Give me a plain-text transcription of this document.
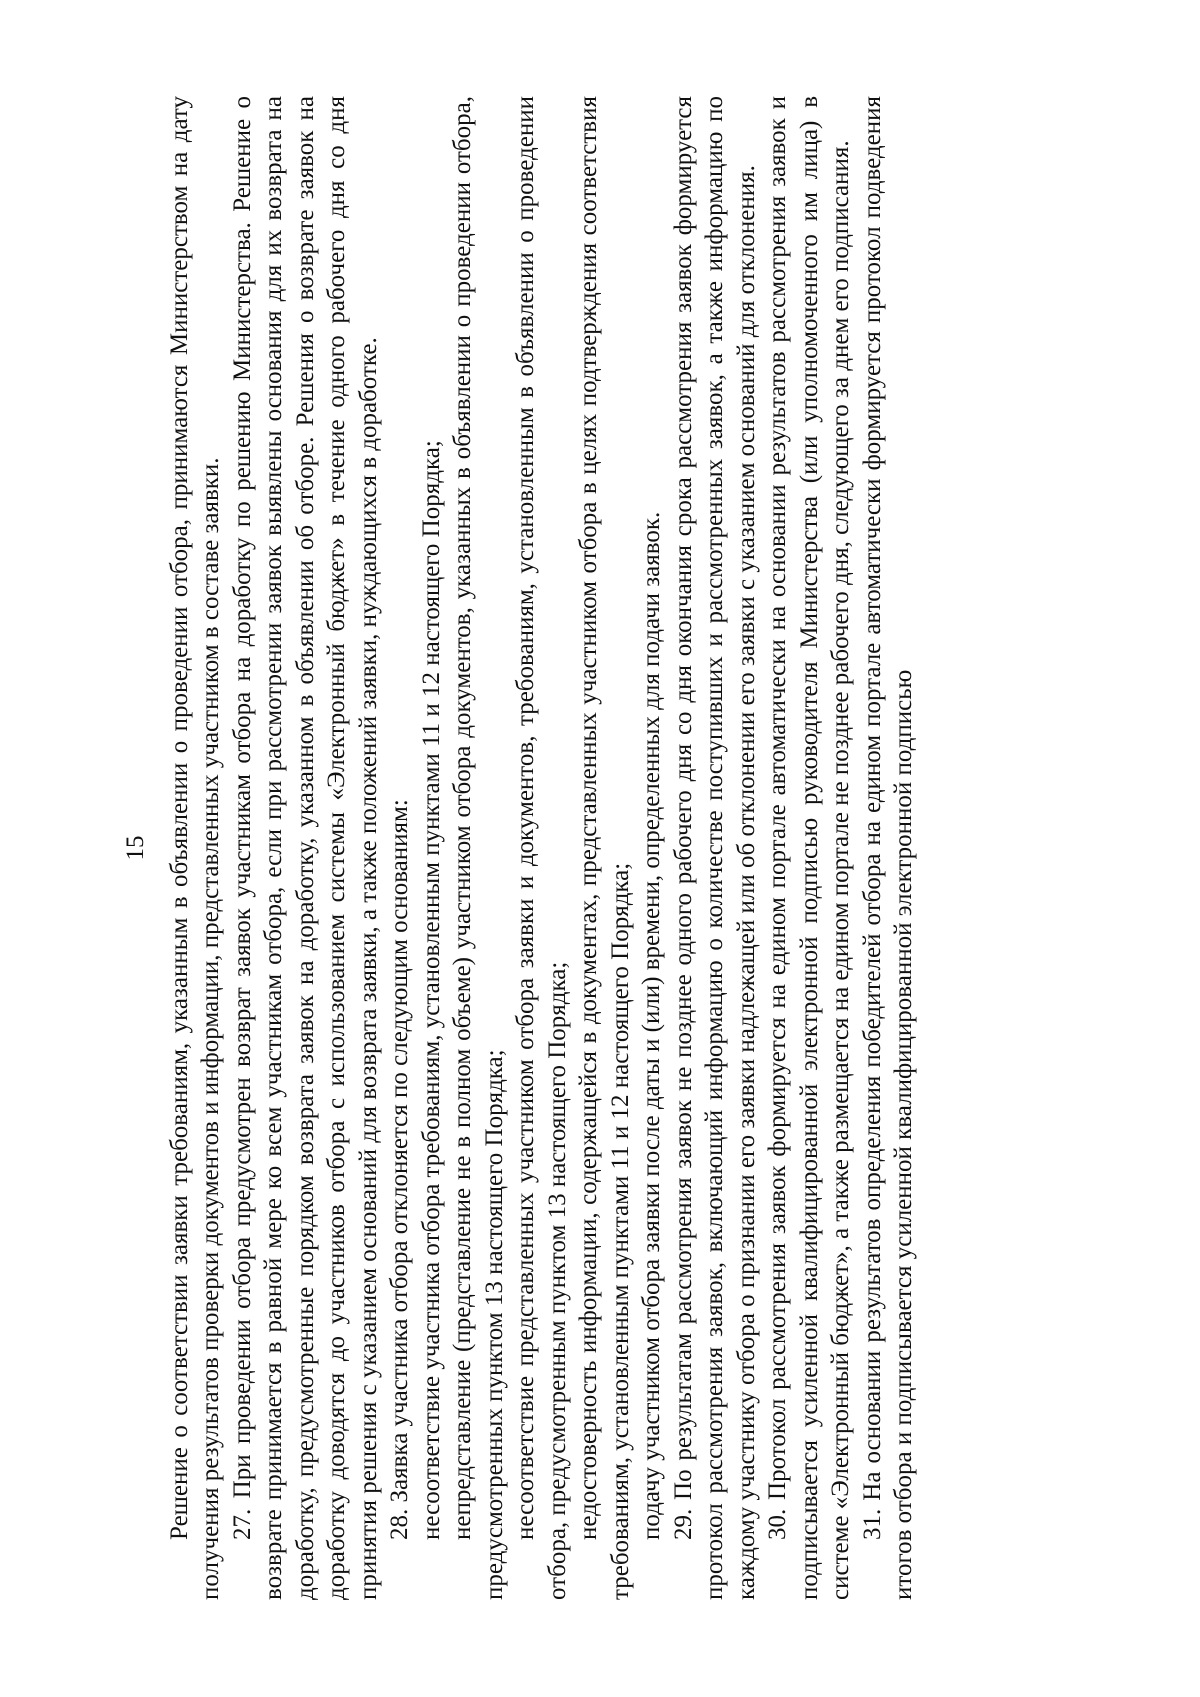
15 Решение о соответствии заявки требованиям, указанным в объявлении о проведении отбора, принимаются Министерством на дату получения результатов проверки документов и информации, представленных участником в составе заявки. 27. При проведении отбора предусмотрен возврат заявок участникам отбора на доработку по решению Министерства. Решение о возврате принимается в равной мере ко всем участникам отбора, если при рассмотрении заявок выявлены основания для их возврата на доработку, предусмотренные порядком возврата заявок на доработку, указанном в объявлении об отборе. Решения о возврате заявок на доработку доводятся до участников отбора с использованием системы «Электронный бюджет» в течение одного рабочего дня со дня принятия решения с указанием оснований для возврата заявки, а также положений заявки, нуждающихся в доработке. 28. Заявка участника отбора отклоняется по следующим основаниям: несоответствие участника отбора требованиям, установленным пунктами 11 и 12 настоящего Порядка; непредставление (представление не в полном объеме) участником отбора документов, указанных в объявлении о проведении отбора, предусмотренных пунктом 13 настоящего Порядка; несоответствие представленных участником отбора заявки и документов, требованиям, установленным в объявлении о проведении отбора, предусмотренным пунктом 13 настоящего Порядка; недостоверность информации, содержащейся в документах, представленных участником отбора в целях подтверждения соответствия требованиям, установленным пунктами 11 и 12 настоящего Порядка; подачу участником отбора заявки после даты и (или) времени, определенных для подачи заявок. 29. По результатам рассмотрения заявок не позднее одного рабочего дня со дня окончания срока рассмотрения заявок формируется протокол рассмотрения заявок, включающий информацию о количестве поступивших и рассмотренных заявок, а также информацию по каждому участнику отбора о признании его заявки надлежащей или об отклонении его заявки с указанием оснований для отклонения. 30. Протокол рассмотрения заявок формируется на едином портале автоматически на основании результатов рассмотрения заявок и подписывается усиленной квалифицированной электронной подписью руководителя Министерства (или уполномоченного им лица) в системе «Электронный бюджет», а также размещается на едином портале не позднее рабочего дня, следующего за днем его подписания. 31. На основании результатов определения победителей отбора на едином портале автоматически формируется протокол подведения итогов отбора и подписывается усиленной квалифицированной электронной подписью
